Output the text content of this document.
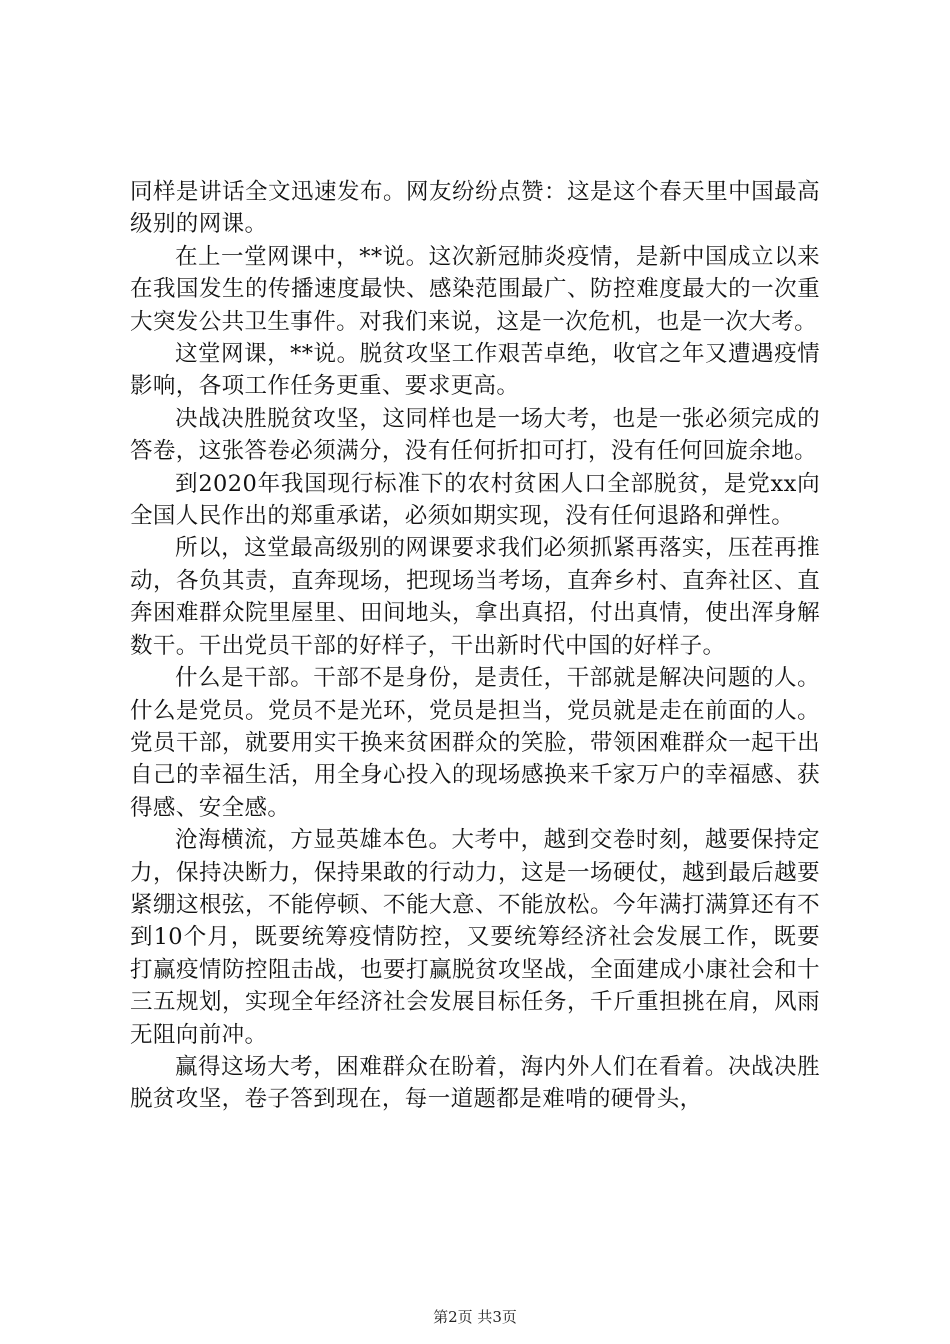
同样是讲话全文迅速发布。网友纷纷点赞：这是这个春天里中国最高级别的网课。

在上一堂网课中，**说。这次新冠肺炎疫情，是新中国成立以来在我国发生的传播速度最快、感染范围最广、防控难度最大的一次重大突发公共卫生事件。对我们来说，这是一次危机，也是一次大考。

这堂网课，**说。脱贫攻坚工作艰苦卓绝，收官之年又遭遇疫情影响，各项工作任务更重、要求更高。

决战决胜脱贫攻坚，这同样也是一场大考，也是一张必须完成的答卷，这张答卷必须满分，没有任何折扣可打，没有任何回旋余地。

到2020年我国现行标准下的农村贫困人口全部脱贫，是党xx向全国人民作出的郑重承诺，必须如期实现，没有任何退路和弹性。

所以，这堂最高级别的网课要求我们必须抓紧再落实，压茬再推动，各负其责，直奔现场，把现场当考场，直奔乡村、直奔社区、直奔困难群众院里屋里、田间地头，拿出真招，付出真情，使出浑身解数干。干出党员干部的好样子，干出新时代中国的好样子。

什么是干部。干部不是身份，是责任，干部就是解决问题的人。什么是党员。党员不是光环，党员是担当，党员就是走在前面的人。党员干部，就要用实干换来贫困群众的笑脸，带领困难群众一起干出自己的幸福生活，用全身心投入的现场感换来千家万户的幸福感、获得感、安全感。

沧海横流，方显英雄本色。大考中，越到交卷时刻，越要保持定力，保持决断力，保持果敢的行动力，这是一场硬仗，越到最后越要紧绷这根弦，不能停顿、不能大意、不能放松。今年满打满算还有不到10个月，既要统筹疫情防控，又要统筹经济社会发展工作，既要打赢疫情防控阻击战，也要打赢脱贫攻坚战，全面建成小康社会和十三五规划，实现全年经济社会发展目标任务，千斤重担挑在肩，风雨无阻向前冲。

赢得这场大考，困难群众在盼着，海内外人们在看着。决战决胜脱贫攻坚，卷子答到现在，每一道题都是难啃的硬骨头，

第2页 共3页
